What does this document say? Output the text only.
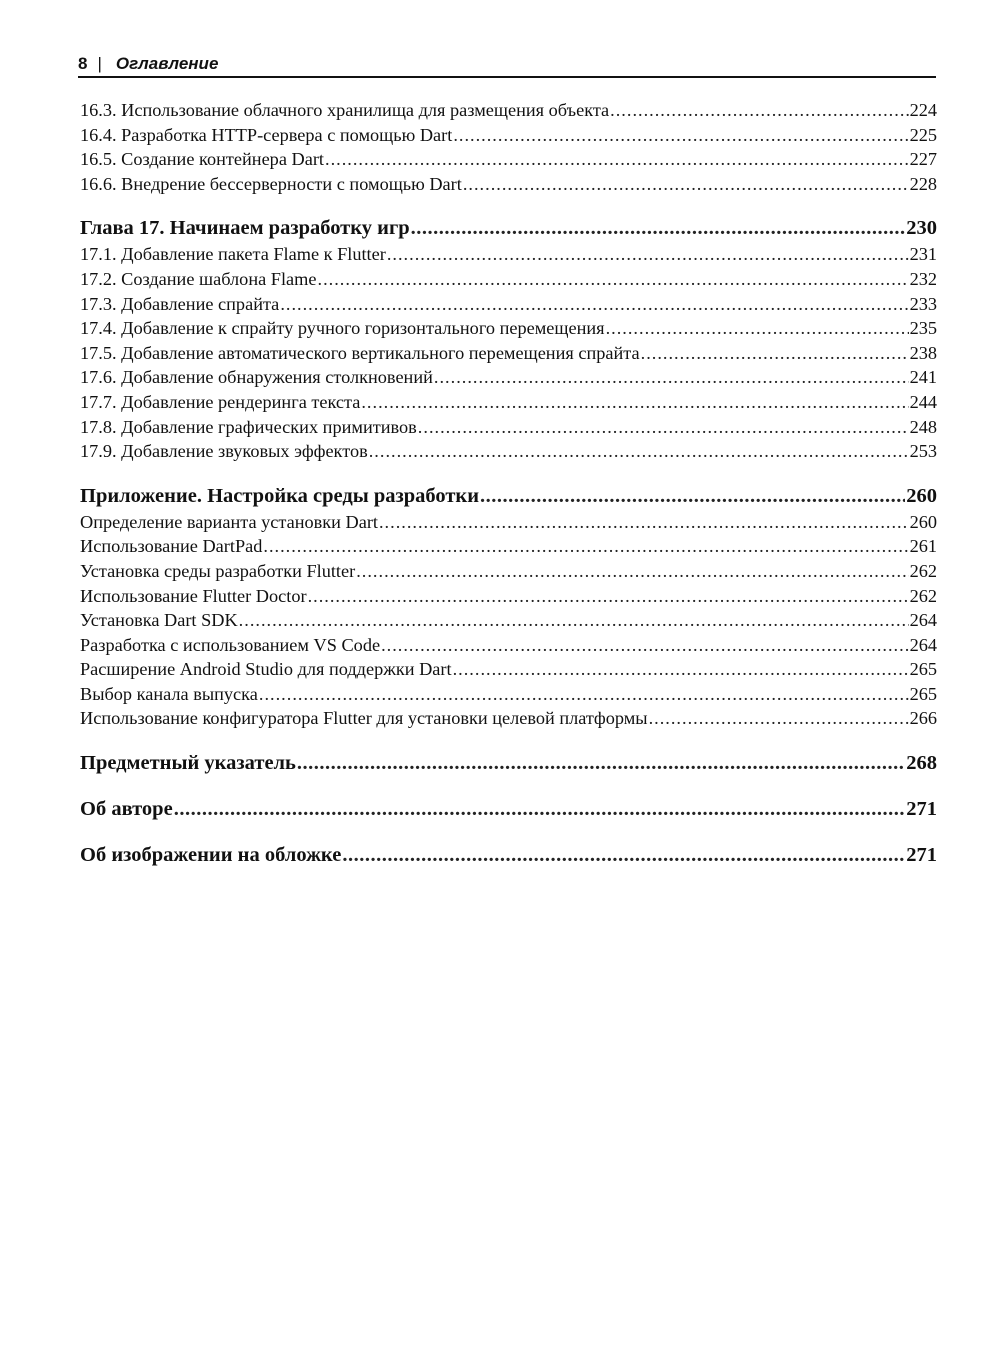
8 | Оглавление
16.3. Использование облачного хранилища для размещения объекта .....	224
16.4. Разработка HTTP-сервера с помощью Dart .....	225
16.5. Создание контейнера Dart .....	227
16.6. Внедрение бессерверности с помощью Dart .....	228
Глава 17. Начинаем разработку игр .....	230
17.1. Добавление пакета Flame к Flutter .....	231
17.2. Создание шаблона Flame .....	232
17.3. Добавление спрайта .....	233
17.4. Добавление к спрайту ручного горизонтального перемещения .....	235
17.5. Добавление автоматического вертикального перемещения спрайта .....	238
17.6. Добавление обнаружения столкновений .....	241
17.7. Добавление рендеринга текста .....	244
17.8. Добавление графических примитивов .....	248
17.9. Добавление звуковых эффектов .....	253
Приложение. Настройка среды разработки .....	260
Определение варианта установки Dart .....	260
Использование DartPad .....	261
Установка среды разработки Flutter .....	262
Использование Flutter Doctor .....	262
Установка Dart SDK .....	264
Разработка с использованием VS Code .....	264
Расширение Android Studio для поддержки Dart .....	265
Выбор канала выпуска .....	265
Использование конфигуратора Flutter для установки целевой платформы .....	266
Предметный указатель .....	268
Об авторе .....	271
Об изображении на обложке .....	271
